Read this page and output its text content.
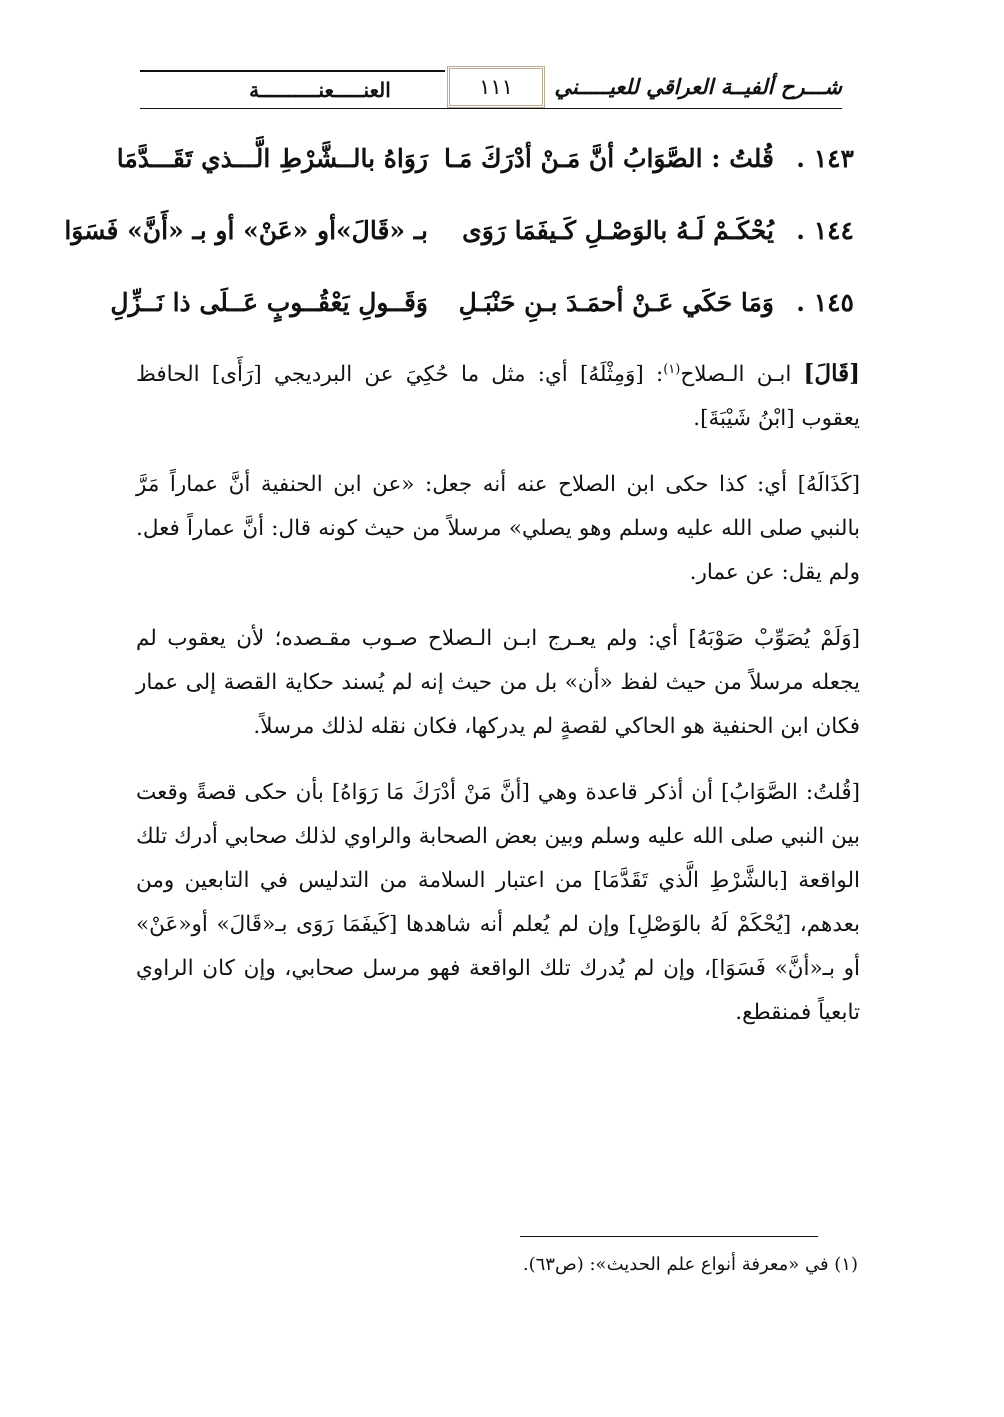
العنـــــعنــــــــــة	١١١	شـــرح ألفيــة العراقي للعيـــــني
١٤٣ .
قُلتُ : الصَّوَابُ أنَّ مَـنْ أدْرَكَ مَـا
رَوَاهُ بالــشَّرْطِ الَّـــذي تَقَـــدَّمَا
١٤٤ .
يُحْكَـمْ لَـهُ بالوَصْـلِ كَـيفَمَا رَوَى
بـ «قَالَ»أو «عَنْ» أو بـ «أَنَّ» فَسَوَا
١٤٥ .
وَمَا حَكَي عَـنْ أحمَـدَ بـنِ حَنْبَـلِ
وَقَــولِ يَعْقُــوبٍ عَــلَى ذا نَــزِّلِ

[قَالَ] ابـن الـصلاح$^{(١)}$: [وَمِثْلَهُ] أي: مثل ما حُكِيَ عن البرديجي [رَأَى] الحافظ يعقوب [ابْنُ شَيْبَةَ].

[كَذَالَهُ] أي: كذا حكى ابن الصلاح عنه أنه جعل: «عن ابن الحنفية أنَّ عماراً مَرَّ بالنبي صلى الله عليه وسلم وهو يصلي» مرسلاً من حيث كونه قال: أنَّ عماراً فعل. ولم يقل: عن عمار.

[وَلَمْ يُصَوِّبْ صَوْبَهُ] أي: ولم يعـرج ابـن الـصلاح صـوب مقـصده؛ لأن يعقوب لم يجعله مرسلاً من حيث لفظ «أن» بل من حيث إنه لم يُسند حكاية القصة إلى عمار فكان ابن الحنفية هو الحاكي لقصةٍ لم يدركها، فكان نقله لذلك مرسلاً.

[قُلتُ: الصَّوَابُ] أن أذكر قاعدة وهي [أنَّ مَنْ أدْرَكَ مَا رَوَاهُ] بأن حكى قصةً وقعت بين النبي صلى الله عليه وسلم وبين بعض الصحابة والراوي لذلك صحابي أدرك تلك الواقعة [بالشَّرْطِ الَّذي تَقَدَّمَا] من اعتبار السلامة من التدليس في التابعين ومن بعدهم، [يُحْكَمْ لَهُ بالوَصْلِ] وإن لم يُعلم أنه شاهدها [كَيفَمَا رَوَى بـ«قَالَ» أو«عَنْ» أو بـ«أنَّ» فَسَوَا]، وإن لم يُدرك تلك الواقعة فهو مرسل صحابي، وإن كان الراوي تابعياً فمنقطع.

(١) في «معرفة أنواع علم الحديث»: (ص٦٣).
